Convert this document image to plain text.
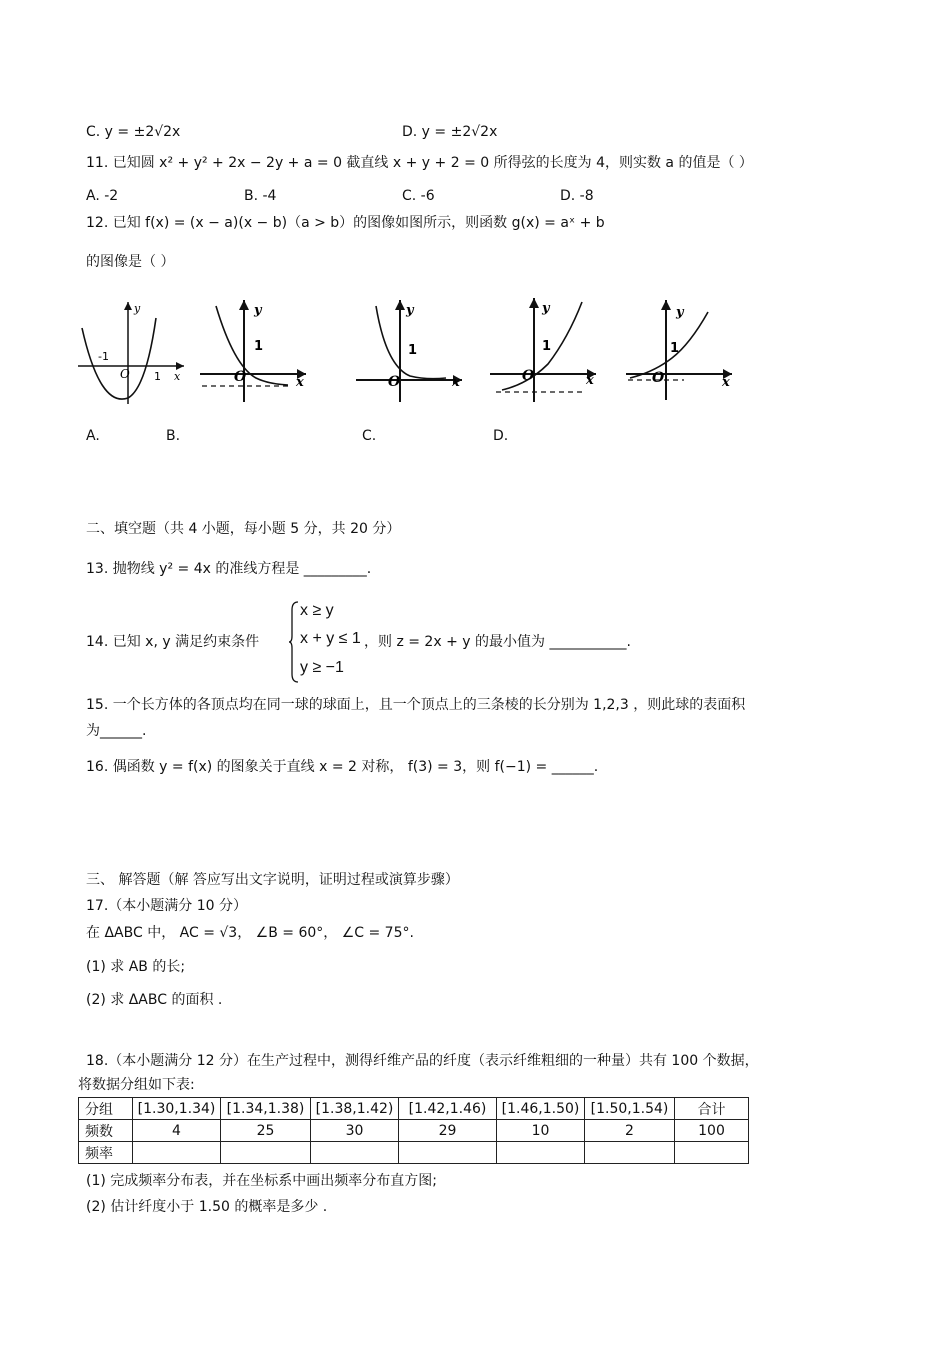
C. y = ±2√2x	D. y = ±2√2x
11. 已知圆 x² + y² + 2x − 2y + a = 0 截直线 x + y + 2 = 0 所得弦的长度为 4，则实数 a 的值是（ ）
A. -2	B. -4	C. -6	D. -8
12. 已知 f(x) = (x − a)(x − b)（a > b）的图像如图所示，则函数 g(x) = aˣ + b
的图像是（ ）
-1
O 1 x
y
1
O	x
y
1
O	x
y
1
O	x
y
1
O	x
y
A.	B.	C.	D.
二、填空题（共 4 小题，每小题 5 分，共 20 分）
13. 抛物线 y² = 4x 的准线方程是 _________.
14. 已知 x, y 满足约束条件
x ≥ y
x + y ≤ 1
y ≥ −1
，则 z = 2x + y 的最小值为 ___________.
15. 一个长方体的各顶点均在同一球的球面上，且一个顶点上的三条棱的长分别为 1,2,3 ，则此球的表面积
为______.
16. 偶函数 y = f(x) 的图象关于直线 x = 2 对称， f(3) = 3，则 f(−1) = ______.
三、 解答题（解 答应写出文字说明，证明过程或演算步骤）
17.（本小题满分 10 分）
在 ΔABC 中， AC = √3， ∠B = 60°， ∠C = 75°.
(1) 求 AB 的长;
(2) 求 ΔABC 的面积 .
18.（本小题满分 12 分）在生产过程中，测得纤维产品的纤度（表示纤维粗细的一种量）共有 100 个数据，
将数据分组如下表:
分组	[1.30,1.34)	[1.34,1.38)	[1.38,1.42)	[1.42,1.46)	[1.46,1.50)	[1.50,1.54)	合计
频数	4	25	30	29	10	2	100
频率							
(1) 完成频率分布表，并在坐标系中画出频率分布直方图;
(2) 估计纤度小于 1.50 的概率是多少 .
